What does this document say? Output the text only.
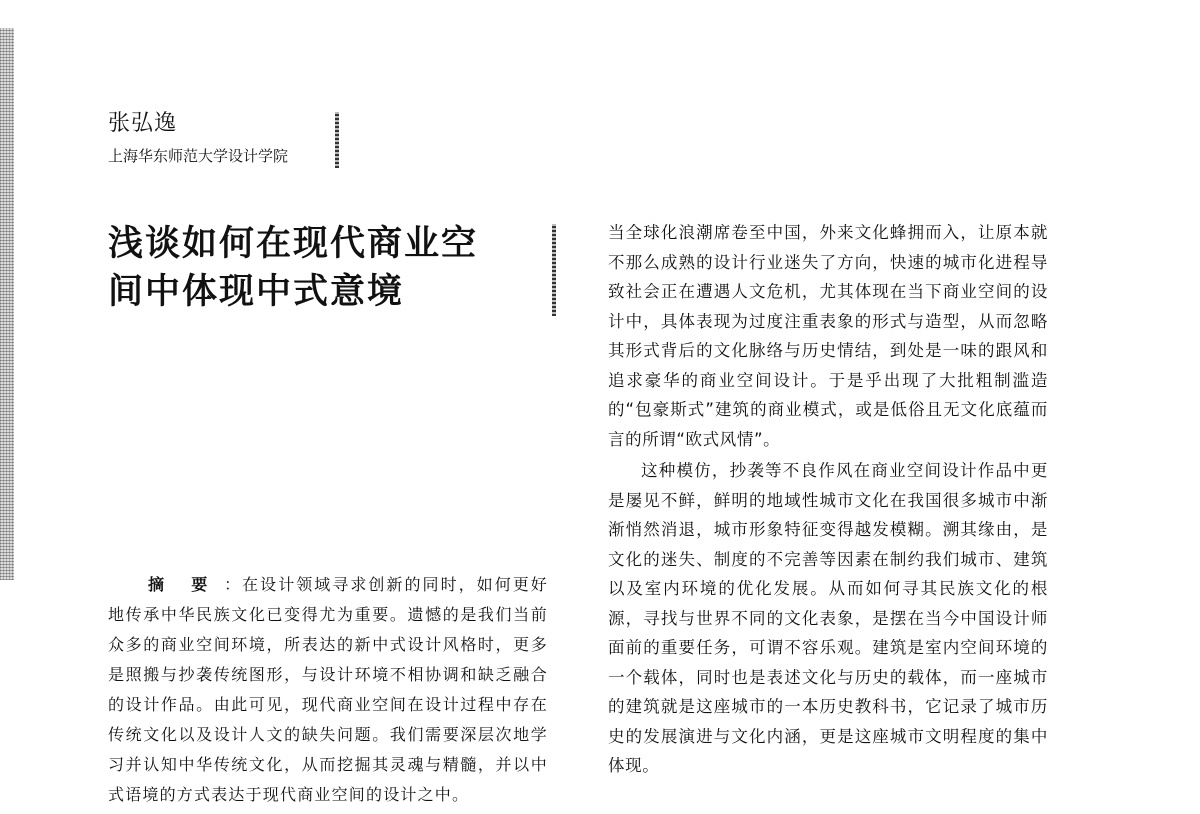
张弘逸
上海华东师范大学设计学院
浅谈如何在现代商业空
间中体现中式意境

摘 要 ：在设计领域寻求创新的同时，如何更好地传承中华民族文化已变得尤为重要。遗憾的是我们当前众多的商业空间环境，所表达的新中式设计风格时，更多是照搬与抄袭传统图形，与设计环境不相协调和缺乏融合的设计作品。由此可见，现代商业空间在设计过程中存在传统文化以及设计人文的缺失问题。我们需要深层次地学习并认知中华传统文化，从而挖掘其灵魂与精髓，并以中式语境的方式表达于现代商业空间的设计之中。

当全球化浪潮席卷至中国，外来文化蜂拥而入，让原本就不那么成熟的设计行业迷失了方向，快速的城市化进程导致社会正在遭遇人文危机，尤其体现在当下商业空间的设计中，具体表现为过度注重表象的形式与造型，从而忽略其形式背后的文化脉络与历史情结，到处是一味的跟风和追求豪华的商业空间设计。于是乎出现了大批粗制滥造的“包豪斯式”建筑的商业模式，或是低俗且无文化底蕴而言的所谓“欧式风情”。

这种模仿，抄袭等不良作风在商业空间设计作品中更是屡见不鲜，鲜明的地域性城市文化在我国很多城市中渐渐悄然消退，城市形象特征变得越发模糊。溯其缘由，是文化的迷失、制度的不完善等因素在制约我们城市、建筑以及室内环境的优化发展。从而如何寻其民族文化的根源，寻找与世界不同的文化表象，是摆在当今中国设计师面前的重要任务，可谓不容乐观。建筑是室内空间环境的一个载体，同时也是表述文化与历史的载体，而一座城市的建筑就是这座城市的一本历史教科书，它记录了城市历史的发展演进与文化内涵，更是这座城市文明程度的集中体现。
